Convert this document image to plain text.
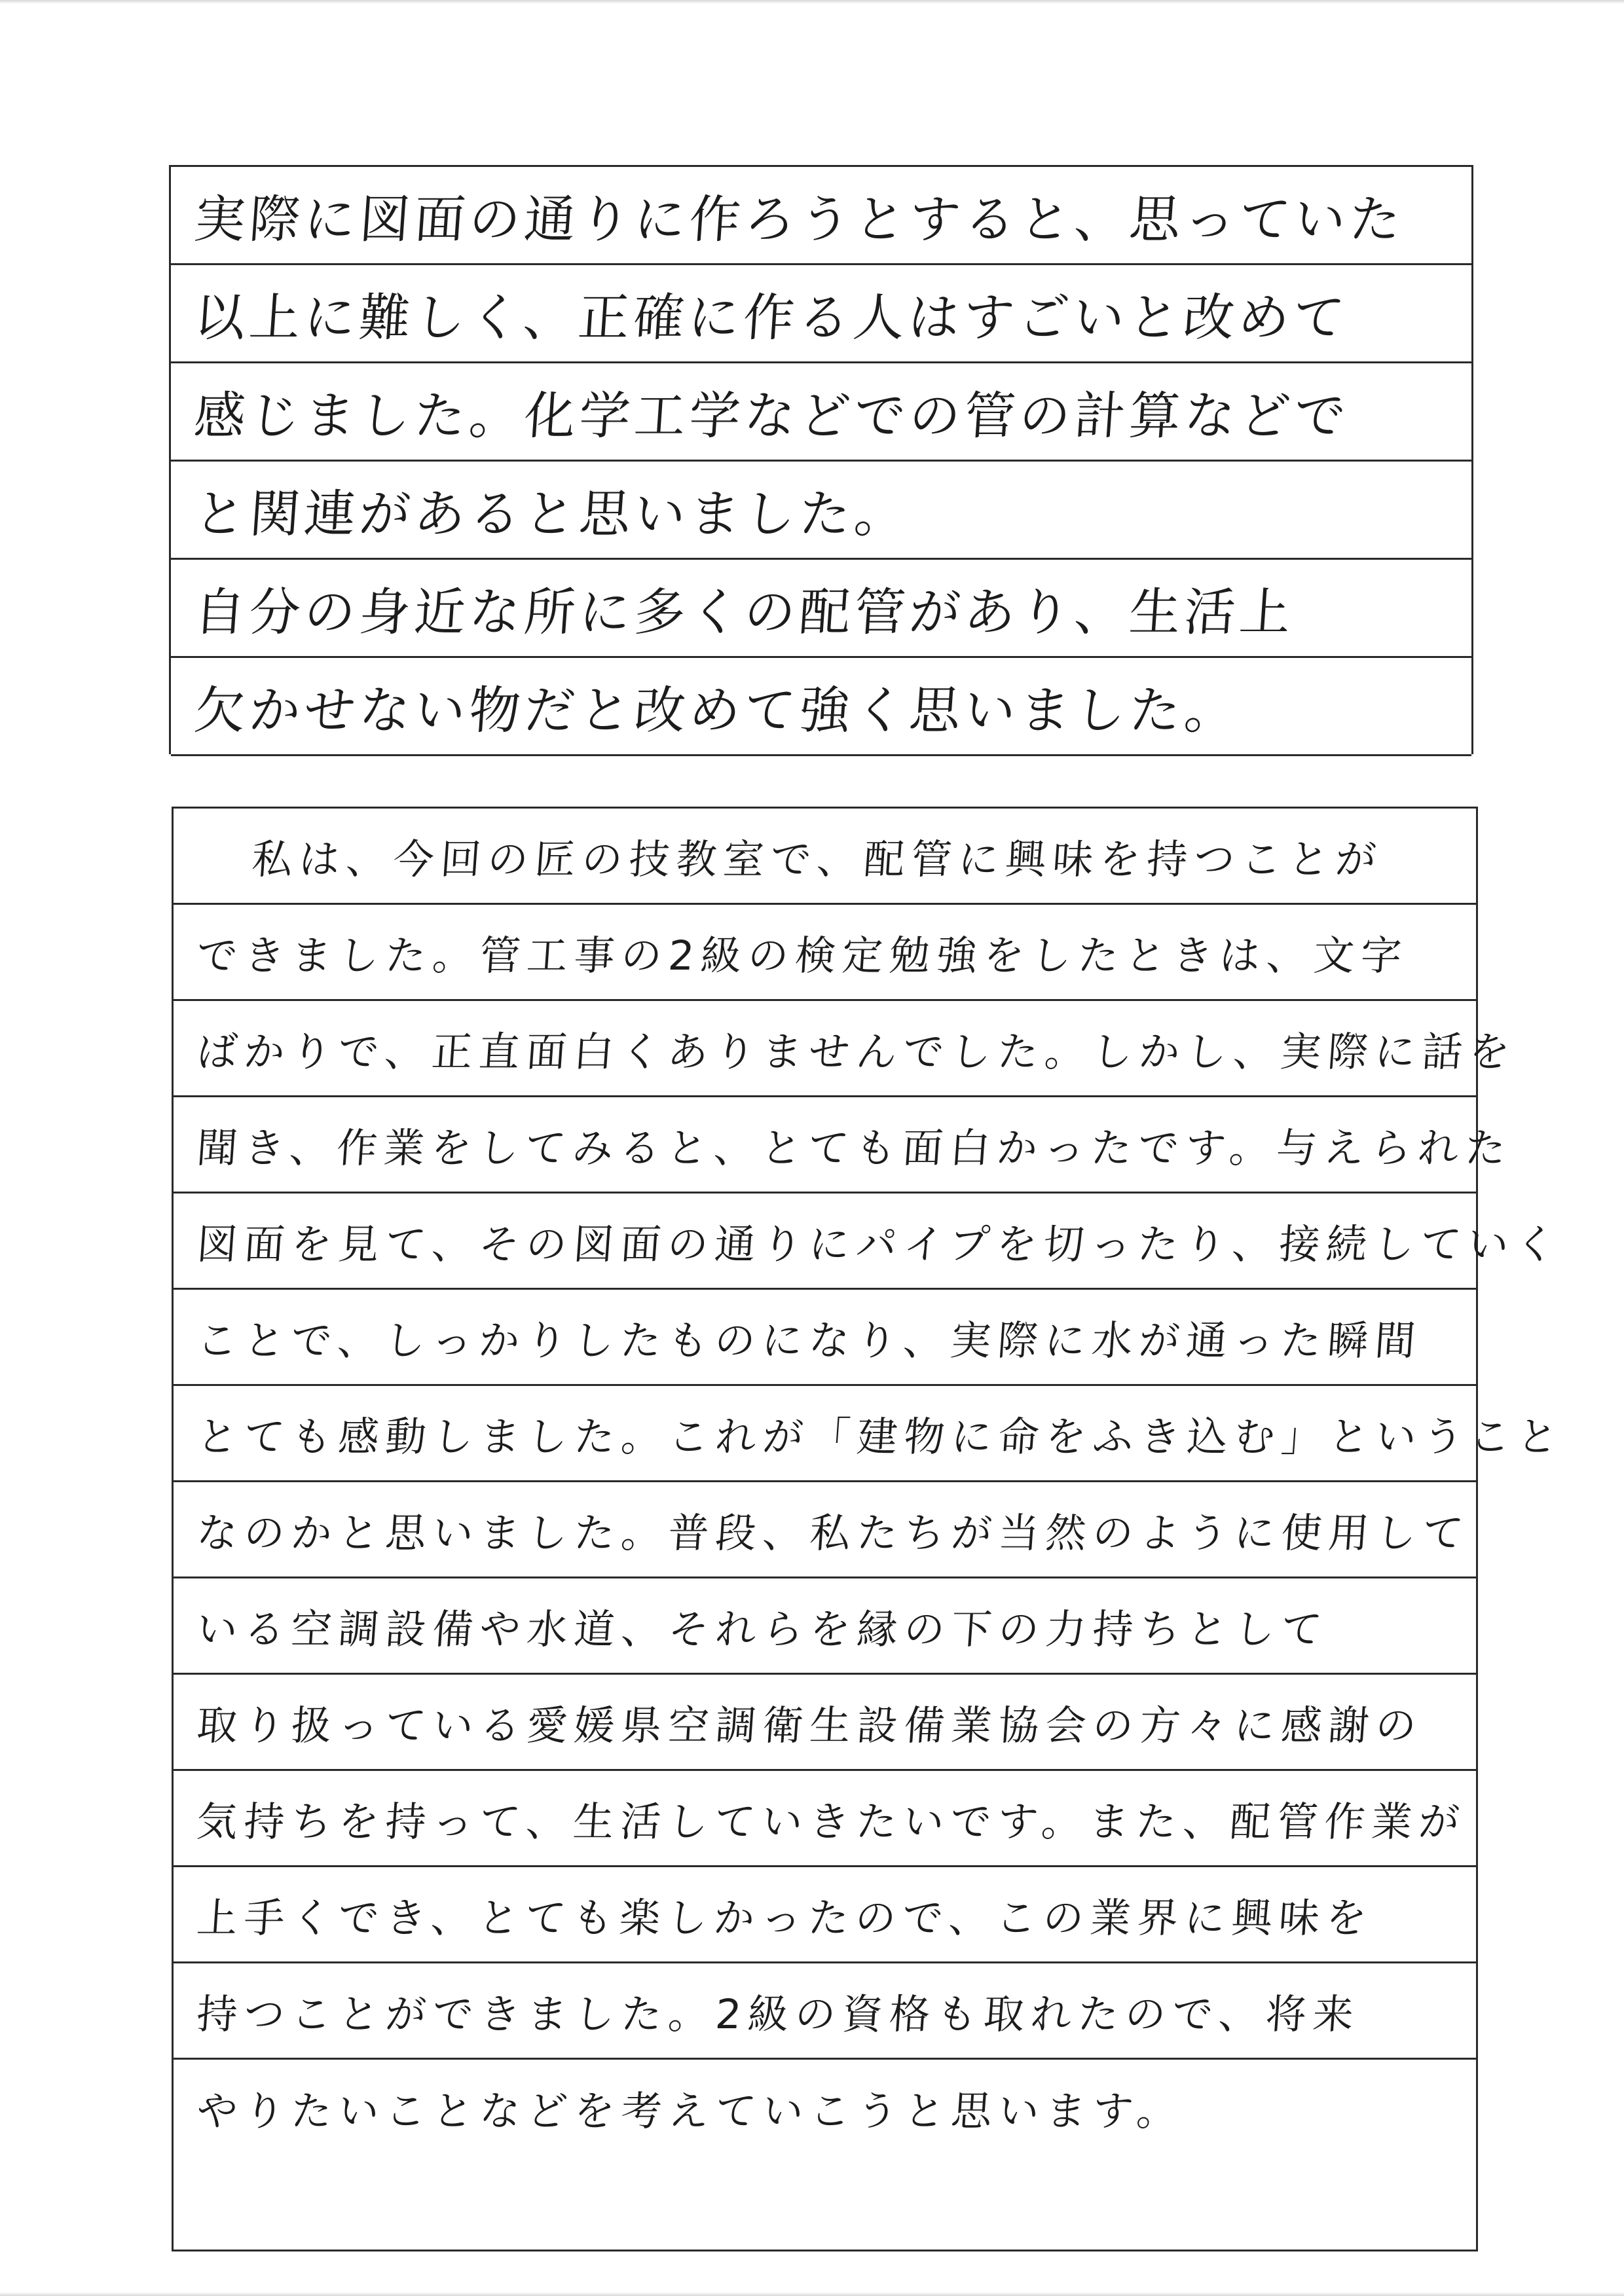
実際に図面の通りに作ろうとすると、思っていた
以上に難しく、正確に作る人はすごいと改めて
感じました。化学工学などでの管の計算などで
と関連があると思いました。
自分の身近な所に多くの配管があり、生活上
欠かせない物だと改めて強く思いました。
私は、今回の匠の技教室で、配管に興味を持つことが
できました。管工事の2級の検定勉強をしたときは、文字
ばかりで、正直面白くありませんでした。しかし、実際に話を
聞き、作業をしてみると、とても面白かったです。与えられた
図面を見て、その図面の通りにパイプを切ったり、接続していく
ことで、しっかりしたものになり、実際に水が通った瞬間
とても感動しました。これが「建物に命をふき込む」ということ
なのかと思いました。普段、私たちが当然のように使用して
いる空調設備や水道、それらを縁の下の力持ちとして
取り扱っている愛媛県空調衛生設備業協会の方々に感謝の
気持ちを持って、生活していきたいです。また、配管作業が
上手くでき、とても楽しかったので、この業界に興味を
持つことができました。2級の資格も取れたので、将来
やりたいことなどを考えていこうと思います。
